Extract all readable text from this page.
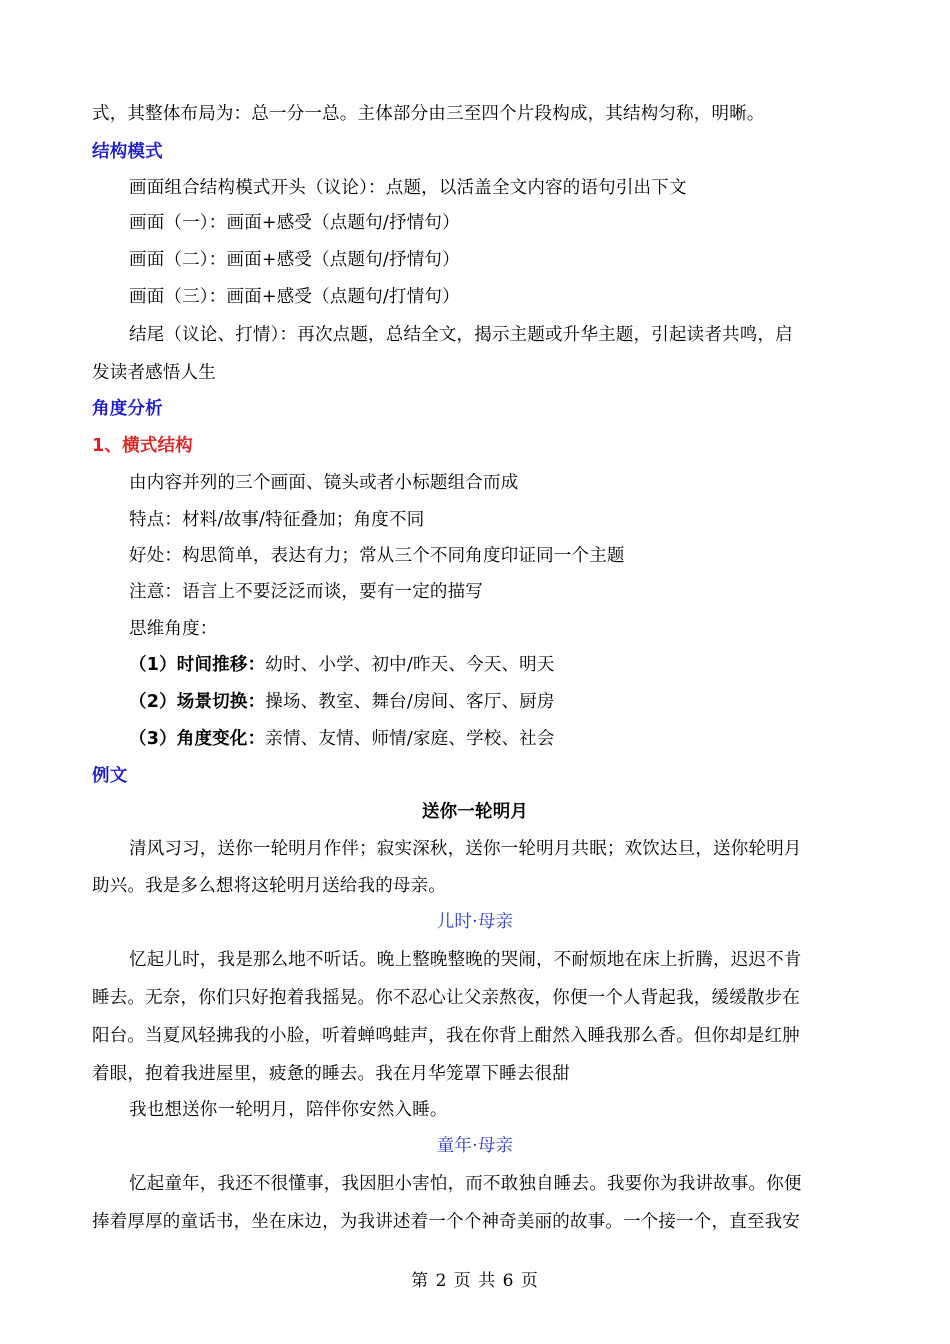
式，其整体布局为：总一分一总。主体部分由三至四个片段构成，其结构匀称，明晰。
结构模式
画面组合结构模式开头（议论）：点题，以活盖全文内容的语句引出下文
画面（一）：画面+感受（点题句/抒情句）
画面（二）：画面+感受（点题句/抒情句）
画面（三）：画面+感受（点题句/打情句）
结尾（议论、打情）：再次点题，总结全文，揭示主题或升华主题，引起读者共鸣，启
发读者感悟人生
角度分析
1、横式结构
由内容并列的三个画面、镜头或者小标题组合而成
特点：材料/故事/特征叠加；角度不同
好处：构思简单，表达有力；常从三个不同角度印证同一个主题
注意：语言上不要泛泛而谈，要有一定的描写
思维角度：
（1）时间推移：幼时、小学、初中/昨天、今天、明天
（2）场景切换：操场、教室、舞台/房间、客厅、厨房
（3）角度变化：亲情、友情、师情/家庭、学校、社会
例文
送你一轮明月
清风习习，送你一轮明月作伴；寂实深秋，送你一轮明月共眠；欢饮达旦，送你轮明月
助兴。我是多么想将这轮明月送给我的母亲。
儿时·母亲
忆起儿时，我是那么地不听话。晚上整晚整晚的哭闹，不耐烦地在床上折腾，迟迟不肯
睡去。无奈，你们只好抱着我摇晃。你不忍心让父亲熬夜，你便一个人背起我，缓缓散步在
阳台。当夏风轻拂我的小脸，听着蝉鸣蛙声，我在你背上酣然入睡我那么香。但你却是红肿
着眼，抱着我进屋里，疲惫的睡去。我在月华笼罩下睡去很甜
我也想送你一轮明月，陪伴你安然入睡。
童年·母亲
忆起童年，我还不很懂事，我因胆小害怕，而不敢独自睡去。我要你为我讲故事。你便
捧着厚厚的童话书，坐在床边，为我讲述着一个个神奇美丽的故事。一个接一个，直至我安
第 2 页 共 6 页
